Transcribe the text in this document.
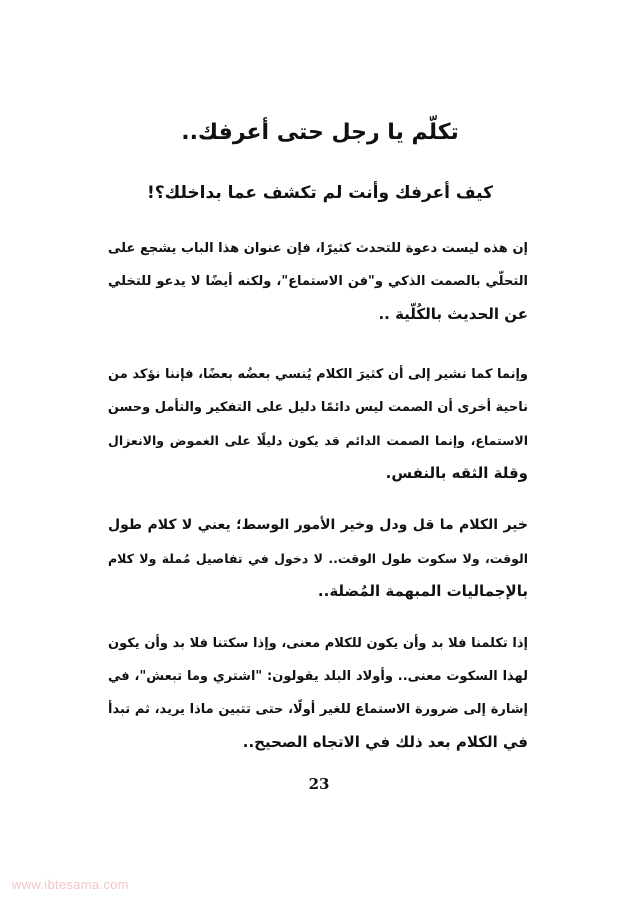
تكلّم يا رجل حتى أعرفك..
كيف أعرفك وأنت لم تكشف عما بداخلك؟!
إن هذه ليست دعوة للتحدث كثيرًا، فإن عنوان هذا الباب يشجع على
التحلّي بالصمت الذكي و"فن الاستماع"، ولكنه أيضًا لا يدعو للتخلي
عن الحديث بالكُلّية ..
وإنما كما نشير إلى أن كثيرَ الكلام يُنسي بعضُه بعضًا، فإننا نؤكد من
ناحية أخرى أن الصمت ليس دائمًا دليل على التفكير والتأمل وحسن
الاستماع، وإنما الصمت الدائم قد يكون دليلًا على الغموض والانعزال
وقلة الثقه بالنفس.
خير الكلام ما قل ودل وخير الأمور الوسط؛ يعني لا كلام طول
الوقت، ولا سكوت طول الوقت.. لا دخول في تفاصيل مُملة ولا كلام
بالإجماليات المبهمة المُضلة..
إذا تكلمنا فلا بد وأن يكون للكلام معنى، وإذا سكتنا فلا بد وأن يكون
لهذا السكوت معنى.. وأولاد البلد يقولون: "اشتري وما تبعش"، في
إشارة إلى ضرورة الاستماع للغير أولًا، حتى تتبين ماذا يريد، ثم تبدأ
في الكلام بعد ذلك في الاتجاه الصحيح..
23
www.ibtesama.com
